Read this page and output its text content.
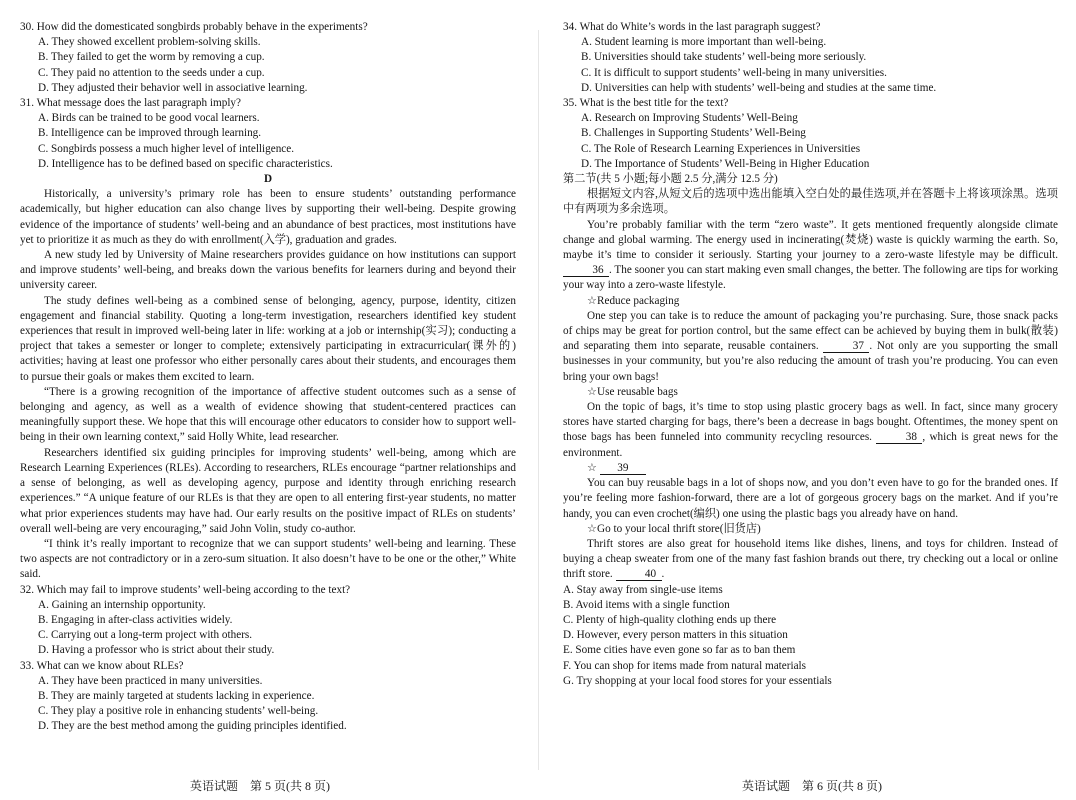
30. How did the domesticated songbirds probably behave in the experiments?

A. They showed excellent problem-solving skills.

B. They failed to get the worm by removing a cup.

C. They paid no attention to the seeds under a cup.

D. They adjusted their behavior well in associative learning.

31. What message does the last paragraph imply?

A. Birds can be trained to be good vocal learners.

B. Intelligence can be improved through learning.

C. Songbirds possess a much higher level of intelligence.

D. Intelligence has to be defined based on specific characteristics.

D

Historically, a university’s primary role has been to ensure students’ outstanding performance academically, but higher education can also change lives by supporting their well-being. Despite growing evidence of the importance of students’ well-being and an abundance of best practices, most institutions have yet to prioritize it as much as they do with enrollment(入学), graduation and grades.

A new study led by University of Maine researchers provides guidance on how institutions can support and improve students’ well-being, and breaks down the various benefits for learners during and beyond their university career.

The study defines well-being as a combined sense of belonging, agency, purpose, identity, citizen engagement and financial stability. Quoting a long-term investigation, researchers identified key student experiences that result in improved well-being later in life: working at a job or internship(实习); conducting a project that takes a semester or longer to complete; extensively participating in extracurricular(课外的) activities; having at least one professor who either personally cares about their students, and encourages them to pursue their goals or makes them excited to learn.

“There is a growing recognition of the importance of affective student outcomes such as a sense of belonging and agency, as well as a wealth of evidence showing that student-centered practices can meaningfully support these. We hope that this will encourage other educators to consider how to support well-being in their own learning context,” said Holly White, lead researcher.

Researchers identified six guiding principles for improving students’ well-being, among which are Research Learning Experiences (RLEs). According to researchers, RLEs encourage “partner relationships and a sense of belonging, as well as developing agency, purpose and identity through enriching research experiences.” “A unique feature of our RLEs is that they are open to all entering first-year students, no matter what prior experiences students may have had. Our early results on the positive impact of RLEs on students’ overall well-being are very encouraging,” said John Volin, study co-author.

“I think it’s really important to recognize that we can support students’ well-being and learning. These two aspects are not contradictory or in a zero-sum situation. It also doesn’t have to be one or the other,” White said.

32. Which may fail to improve students’ well-being according to the text?

A. Gaining an internship opportunity.

B. Engaging in after-class activities widely.

C. Carrying out a long-term project with others.

D. Having a professor who is strict about their study.

33. What can we know about RLEs?

A. They have been practiced in many universities.

B. They are mainly targeted at students lacking in experience.

C. They play a positive role in enhancing students’ well-being.

D. They are the best method among the guiding principles identified.

34. What do White’s words in the last paragraph suggest?

A. Student learning is more important than well-being.

B. Universities should take students’ well-being more seriously.

C. It is difficult to support students’ well-being in many universities.

D. Universities can help with students’ well-being and studies at the same time.

35. What is the best title for the text?

A. Research on Improving Students’ Well-Being

B. Challenges in Supporting Students’ Well-Being

C. The Role of Research Learning Experiences in Universities

D. The Importance of Students’ Well-Being in Higher Education

第二节(共 5 小题;每小题 2.5 分,满分 12.5 分)

根据短文内容,从短文后的选项中选出能填入空白处的最佳选项,并在答题卡上将该项涂黑。选项中有两项为多余选项。

You’re probably familiar with the term “zero waste”. It gets mentioned frequently alongside climate change and global warming. The energy used in incinerating(焚烧) waste is quickly warming the earth. So, maybe it’s time to consider it seriously. Starting your journey to a zero-waste lifestyle may be difficult. 36 . The sooner you can start making even small changes, the better. The following are tips for working your way into a zero-waste lifestyle.

☆Reduce packaging

One step you can take is to reduce the amount of packaging you’re purchasing. Sure, those snack packs of chips may be great for portion control, but the same effect can be achieved by buying them in bulk(散装) and separating them into separate, reusable containers.	37 . Not only are you supporting the small businesses in your community, but you’re also reducing the amount of trash you’re producing. You can even bring your own bags!

☆Use reusable bags

On the topic of bags, it’s time to stop using plastic grocery bags as well. In fact, since many grocery stores have started charging for bags, there’s been a decrease in bags bought. Oftentimes, the money spent on those bags has been funneled into community recycling resources.	38 , which is great news for the environment.

☆ 39

You can buy reusable bags in a lot of shops now, and you don’t even have to go for the branded ones. If you’re feeling more fashion-forward, there are a lot of gorgeous grocery bags on the market. And if you’re handy, you can even crochet(编织) one using the plastic bags you already have on hand.

☆Go to your local thrift store(旧货店)

Thrift stores are also great for household items like dishes, linens, and toys for children. Instead of buying a cheap sweater from one of the many fast fashion brands out there, try checking out a local or online thrift store.	40 .

A. Stay away from single-use items

B. Avoid items with a single function

C. Plenty of high-quality clothing ends up there

D. However, every person matters in this situation

E. Some cities have even gone so far as to ban them

F. You can shop for items made from natural materials

G. Try shopping at your local food stores for your essentials

英语试题　第 5 页(共 8 页)	英语试题　第 6 页(共 8 页)
